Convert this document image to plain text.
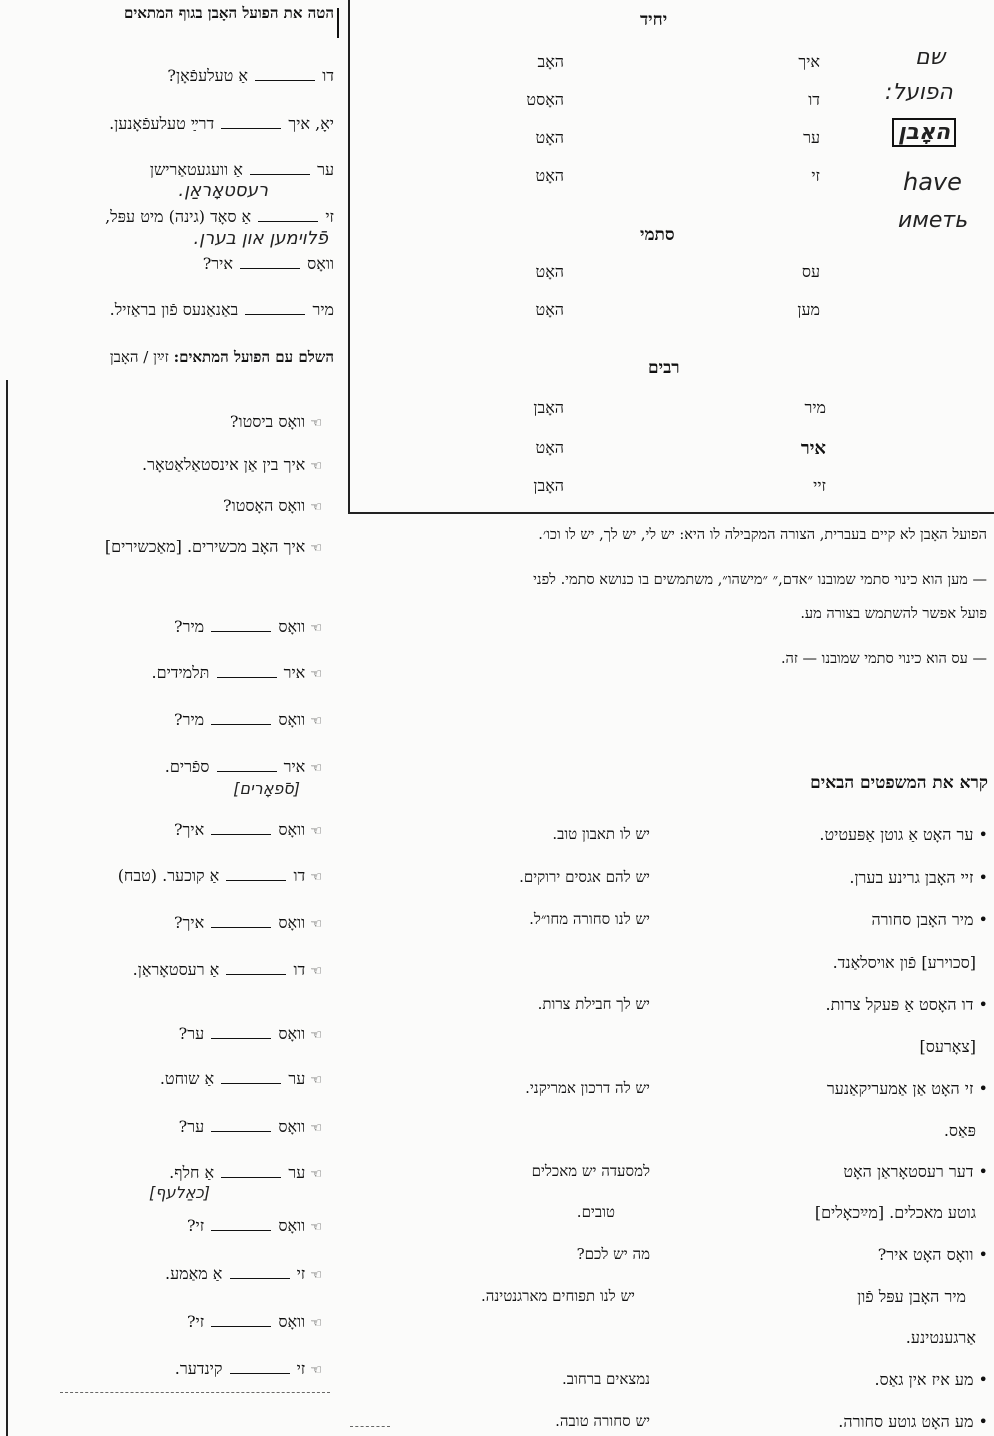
יחיד
איך
האָב
דו
האָסט
ער
האָט
זי
האָט
סתמי
עס
האָט
מען
האָט
רבים
מיר
האָבן
איר
האָט
זיי
האָבן
שם
הפועל:
האָבן
have
иметь
הפועל האָבן לא קיים בעברית, הצורה המקבילה לו היא: יש לי, יש לך, יש לו וכו׳.
— מען הוא כינוי סתמי שמובנו ״אדם,״ ״מישהו״, משתמשים בו כנושא סתמי. לפני
פועל אפשר להשתמש בצורה מע.
— עס הוא כינוי סתמי שמובנו — זה.
קרא את המשפטים הבאים
• ער האָט אַ גוטן אַפּעטיט.
יש לו תאבון טוב.
• זיי האָבן גרינע בערן.
יש להם אגסים ירוקים.
• מיר האָבן סחורה
יש לנו סחורה מחו״ל.
[סכוירע] פֿון אויסלאַנד.
• דו האָסט אַ פּעקל צרות.
יש לך חבילת צרות.
[צאָרעס]
• זי האָט אַן אַמעריקאַנער
יש לה דרכון אמריקני.
פּאַס.
• דער רעסטאָראַן האָט
למסעדה יש מאכלים
גוטע מאכלים. [מײַכאָלים]
טובים.
• וואָס האָט איר?
מה יש לכם?
מיר האָבן עפּל פֿון
יש לנו תפוחים מארגנטינה.
אַרגענטינע.
• מע איז אין גאַס.
נמצאים ברחוב.
• מע האָט גוטע סחורה.
יש סחורה טובה.
הטה את הפועל האָבן בגוף המתאים
דו  אַ טעלעפֿאָן?
יאָ, איך  דרײַ טעלעפֿאָנען.
ער  אַ וועגעטאַרישן
רעסטאָראַן.
זי  אַ סאָד (גינה) מיט עפּל,
פֿלוימען און בערן.
וואָס  איר?
מיר  באַנאַנעס פֿון בראַזיל.
השלם עם הפועל המתאים: זײַן / האָבן
☜ וואָס ביסטו?
☜ איך בין אַן אינסטאַלאַטאָר.
☜ וואָס האָסטו?
☜ איך האָב מכשירים. [מאַכשירים]
☜ וואָס  מיר?
☜ איר  תּלמידים.
☜ וואָס  מיר?
☜ איר  ספֿרים.
[סֿפאָרים]
☜ וואָס  איך?
☜ דו  אַ קוכער. (טבח)
☜ וואָס  איך?
☜ דו  אַ רעסטאָראַן.
☜ וואָס  ער?
☜ ער  אַ שוחט.
☜ וואָס  ער?
☜ ער  אַ חלף.
[כאַלעף]
☜ וואָס  זי?
☜ זי  אַ מאַמע.
☜ וואָס  זי?
☜ זי  קינדער.
